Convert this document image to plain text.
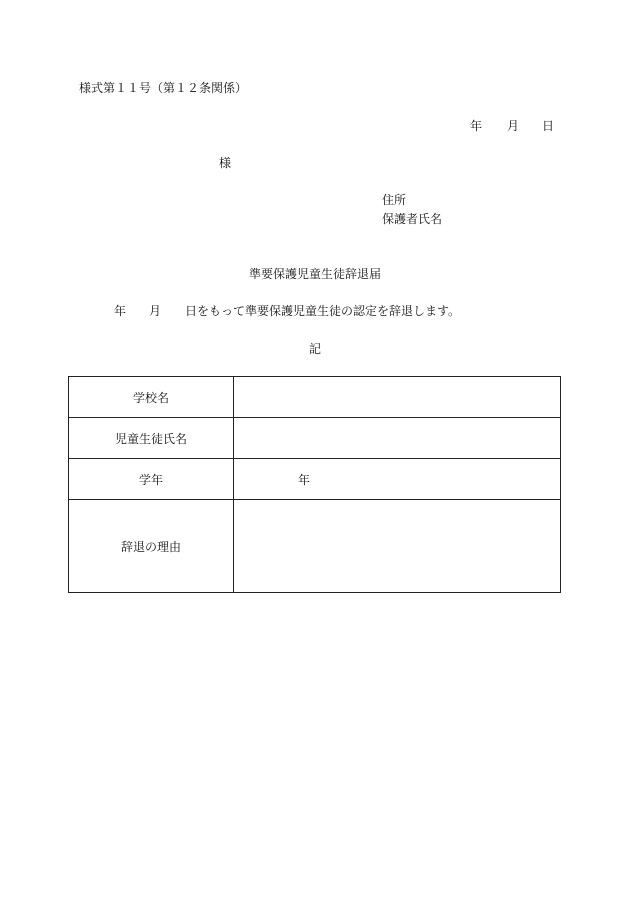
様式第１１号（第１２条関係）
年 月 日
様
住所
保護者氏名
準要保護児童生徒辞退届
年 月 日をもって準要保護児童生徒の認定を辞退します。
記
学校名	
児童生徒氏名	
学年	年
辞退の理由	
